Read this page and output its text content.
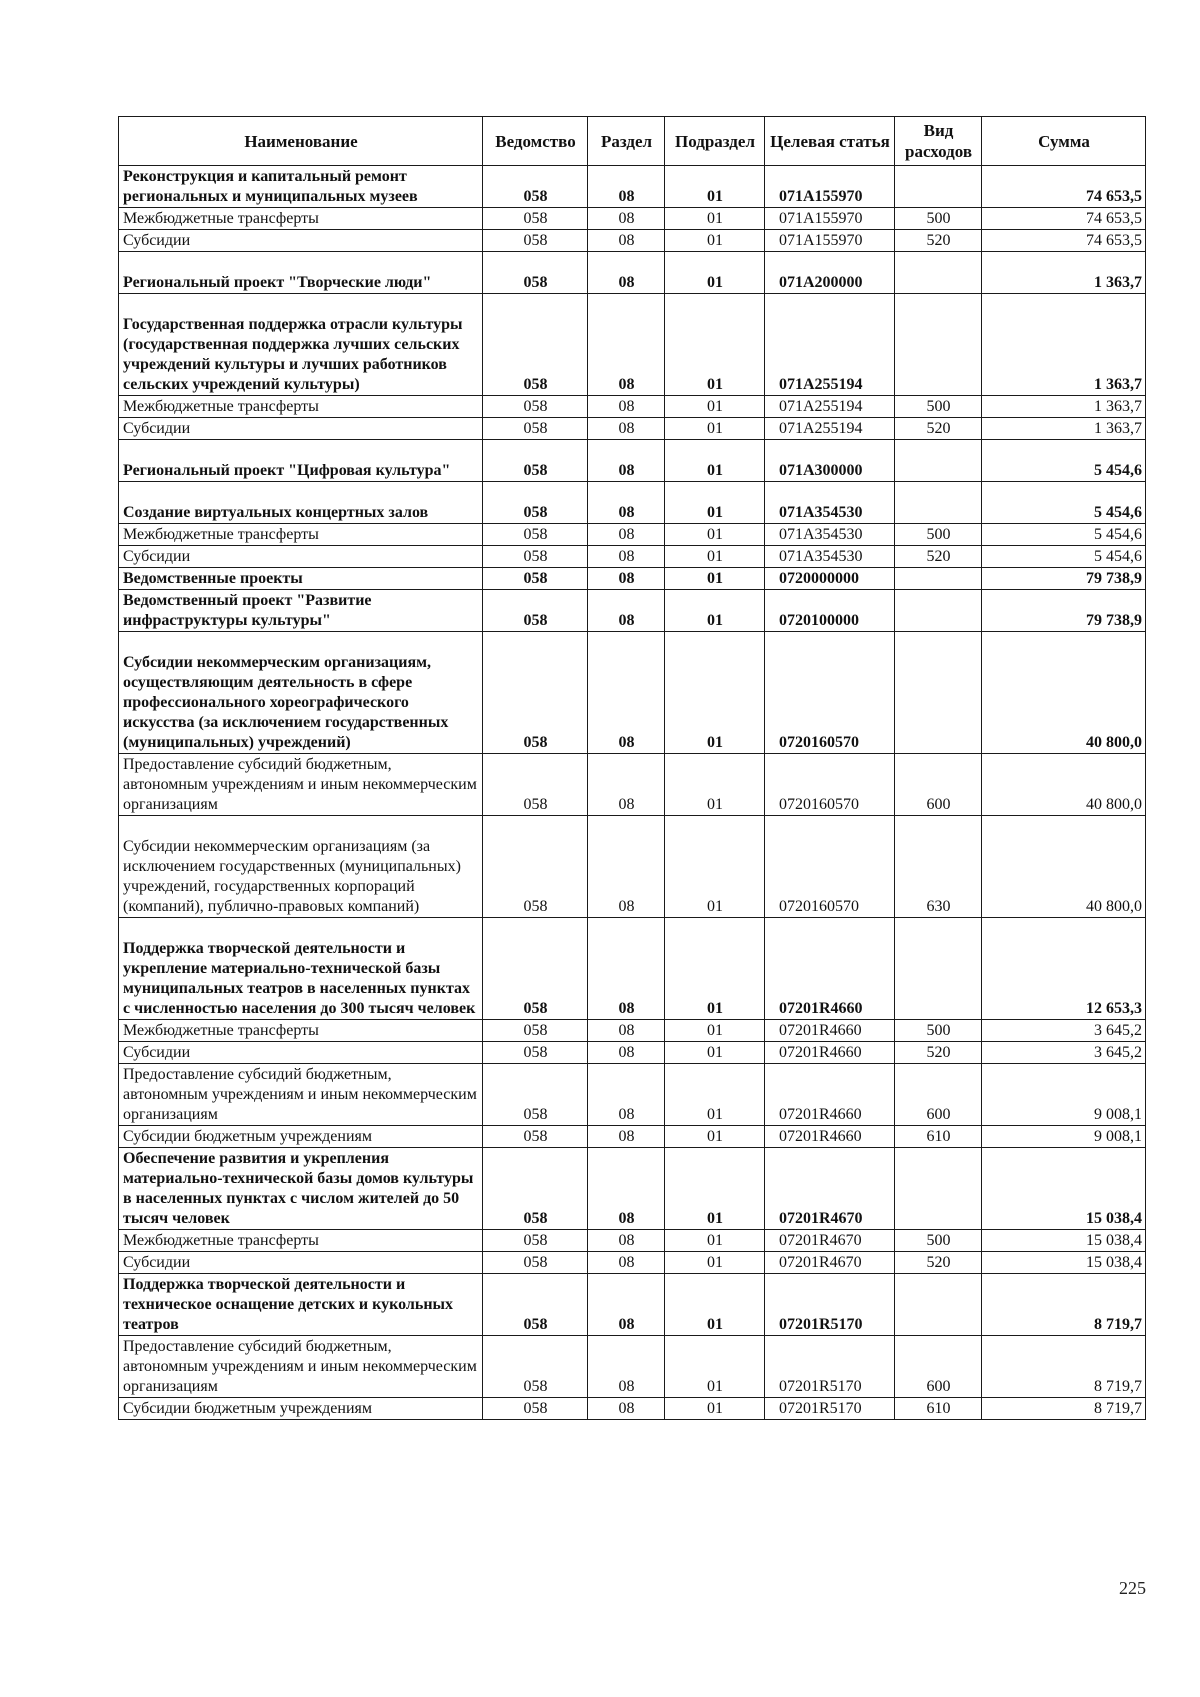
Наименование	Ведомство	Раздел	Подраздел	Целевая статья	Вид расходов	Сумма
Реконструкция и капитальный ремонт региональных и муниципальных музеев	058	08	01	071A155970		74 653,5
Межбюджетные трансферты	058	08	01	071A155970	500	74 653,5
Субсидии	058	08	01	071A155970	520	74 653,5
Региональный проект "Творческие люди"	058	08	01	071A200000		1 363,7
Государственная поддержка отрасли культуры (государственная поддержка лучших сельских учреждений культуры и лучших работников сельских учреждений культуры)	058	08	01	071A255194		1 363,7
Межбюджетные трансферты	058	08	01	071A255194	500	1 363,7
Субсидии	058	08	01	071A255194	520	1 363,7
Региональный проект "Цифровая культура"	058	08	01	071A300000		5 454,6
Создание виртуальных концертных залов	058	08	01	071A354530		5 454,6
Межбюджетные трансферты	058	08	01	071A354530	500	5 454,6
Субсидии	058	08	01	071A354530	520	5 454,6
Ведомственные проекты	058	08	01	0720000000		79 738,9
Ведомственный проект "Развитие инфраструктуры культуры"	058	08	01	0720100000		79 738,9
Субсидии некоммерческим организациям, осуществляющим деятельность в сфере профессионального хореографического искусства (за исключением государственных (муниципальных) учреждений)	058	08	01	0720160570		40 800,0
Предоставление субсидий бюджетным, автономным учреждениям и иным некоммерческим организациям	058	08	01	0720160570	600	40 800,0
Субсидии некоммерческим организациям (за исключением государственных (муниципальных) учреждений, государственных корпораций (компаний), публично-правовых компаний)	058	08	01	0720160570	630	40 800,0
Поддержка творческой деятельности и укрепление материально-технической базы муниципальных театров в населенных пунктах с численностью населения до 300 тысяч человек	058	08	01	07201R4660		12 653,3
Межбюджетные трансферты	058	08	01	07201R4660	500	3 645,2
Субсидии	058	08	01	07201R4660	520	3 645,2
Предоставление субсидий бюджетным, автономным учреждениям и иным некоммерческим организациям	058	08	01	07201R4660	600	9 008,1
Субсидии бюджетным учреждениям	058	08	01	07201R4660	610	9 008,1
Обеспечение развития и укрепления материально-технической базы домов культуры в населенных пунктах с числом жителей до 50 тысяч человек	058	08	01	07201R4670		15 038,4
Межбюджетные трансферты	058	08	01	07201R4670	500	15 038,4
Субсидии	058	08	01	07201R4670	520	15 038,4
Поддержка творческой деятельности и техническое оснащение детских и кукольных театров	058	08	01	07201R5170		8 719,7
Предоставление субсидий бюджетным, автономным учреждениям и иным некоммерческим организациям	058	08	01	07201R5170	600	8 719,7
Субсидии бюджетным учреждениям	058	08	01	07201R5170	610	8 719,7
225
